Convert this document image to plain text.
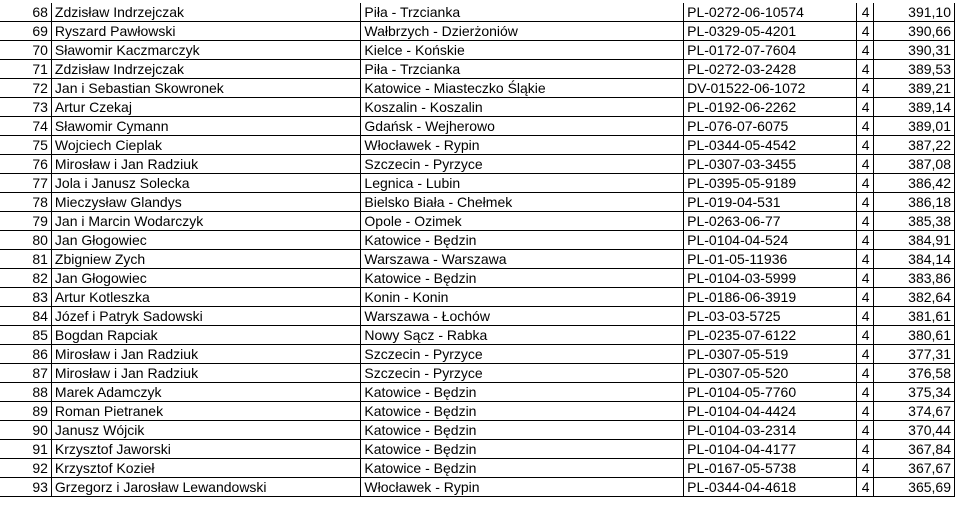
68	Zdzisław Indrzejczak	Piła - Trzcianka	PL-0272-06-10574	4	391,10
69	Ryszard Pawłowski	Wałbrzych - Dzierżoniów	PL-0329-05-4201	4	390,66
70	Sławomir Kaczmarczyk	Kielce - Końskie	PL-0172-07-7604	4	390,31
71	Zdzisław Indrzejczak	Piła - Trzcianka	PL-0272-03-2428	4	389,53
72	Jan i Sebastian Skowronek	Katowice - Miasteczko Śląkie	DV-01522-06-1072	4	389,21
73	Artur Czekaj	Koszalin - Koszalin	PL-0192-06-2262	4	389,14
74	Sławomir Cymann	Gdańsk - Wejherowo	PL-076-07-6075	4	389,01
75	Wojciech Cieplak	Włocławek - Rypin	PL-0344-05-4542	4	387,22
76	Mirosław i Jan Radziuk	Szczecin - Pyrzyce	PL-0307-03-3455	4	387,08
77	Jola i Janusz Solecka	Legnica - Lubin	PL-0395-05-9189	4	386,42
78	Mieczysław Glandys	Bielsko Biała - Chełmek	PL-019-04-531	4	386,18
79	Jan i Marcin Wodarczyk	Opole - Ozimek	PL-0263-06-77	4	385,38
80	Jan Głogowiec	Katowice - Będzin	PL-0104-04-524	4	384,91
81	Zbigniew Zych	Warszawa - Warszawa	PL-01-05-11936	4	384,14
82	Jan Głogowiec	Katowice - Będzin	PL-0104-03-5999	4	383,86
83	Artur Kotleszka	Konin - Konin	PL-0186-06-3919	4	382,64
84	Józef i Patryk Sadowski	Warszawa - Łochów	PL-03-03-5725	4	381,61
85	Bogdan Rapciak	Nowy Sącz - Rabka	PL-0235-07-6122	4	380,61
86	Mirosław i Jan Radziuk	Szczecin - Pyrzyce	PL-0307-05-519	4	377,31
87	Mirosław i Jan Radziuk	Szczecin - Pyrzyce	PL-0307-05-520	4	376,58
88	Marek Adamczyk	Katowice - Będzin	PL-0104-05-7760	4	375,34
89	Roman Pietranek	Katowice - Będzin	PL-0104-04-4424	4	374,67
90	Janusz Wójcik	Katowice - Będzin	PL-0104-03-2314	4	370,44
91	Krzysztof Jaworski	Katowice - Będzin	PL-0104-04-4177	4	367,84
92	Krzysztof Kozieł	Katowice - Będzin	PL-0167-05-5738	4	367,67
93	Grzegorz i Jarosław Lewandowski	Włocławek - Rypin	PL-0344-04-4618	4	365,69
